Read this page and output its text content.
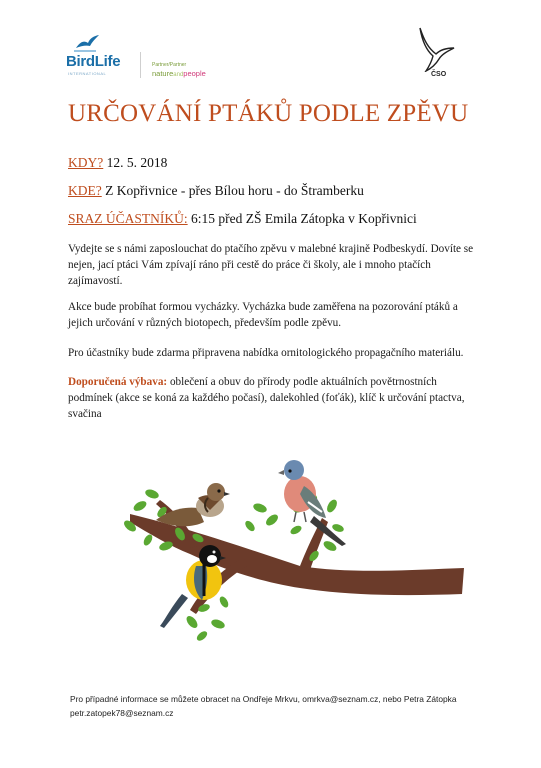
BirdLife
INTERNATIONAL
Partner/Partner
natureandpeople	ČSO
URČOVÁNÍ PTÁKŮ PODLE ZPĚVU
KDY? 12. 5. 2018
KDE? Z Kopřivnice - přes Bílou horu - do Štramberku
SRAZ ÚČASTNÍKŮ: 6:15 před ZŠ Emila Zátopka v Kopřivnici

Vydejte se s námi zaposlouchat do ptačího zpěvu v malebné krajině Podbeskydí. Dovíte se nejen, jací ptáci Vám zpívají ráno při cestě do práce či školy, ale i mnoho ptačích zajímavostí.

Akce bude probíhat formou vycházky. Vycházka bude zaměřena na pozorování ptáků a jejich určování v různých biotopech, především podle zpěvu.

Pro účastníky bude zdarma připravena nabídka ornitologického propagačního materiálu.

Doporučená výbava: oblečení a obuv do přírody podle aktuálních povětrnostních podmínek (akce se koná za každého počasí), dalekohled (foťák), klíč k určování ptactva, svačina

Pro případné informace se můžete obracet na Ondřeje Mrkvu, omrkva@seznam.cz, nebo Petra Zátopka petr.zatopek78@seznam.cz
